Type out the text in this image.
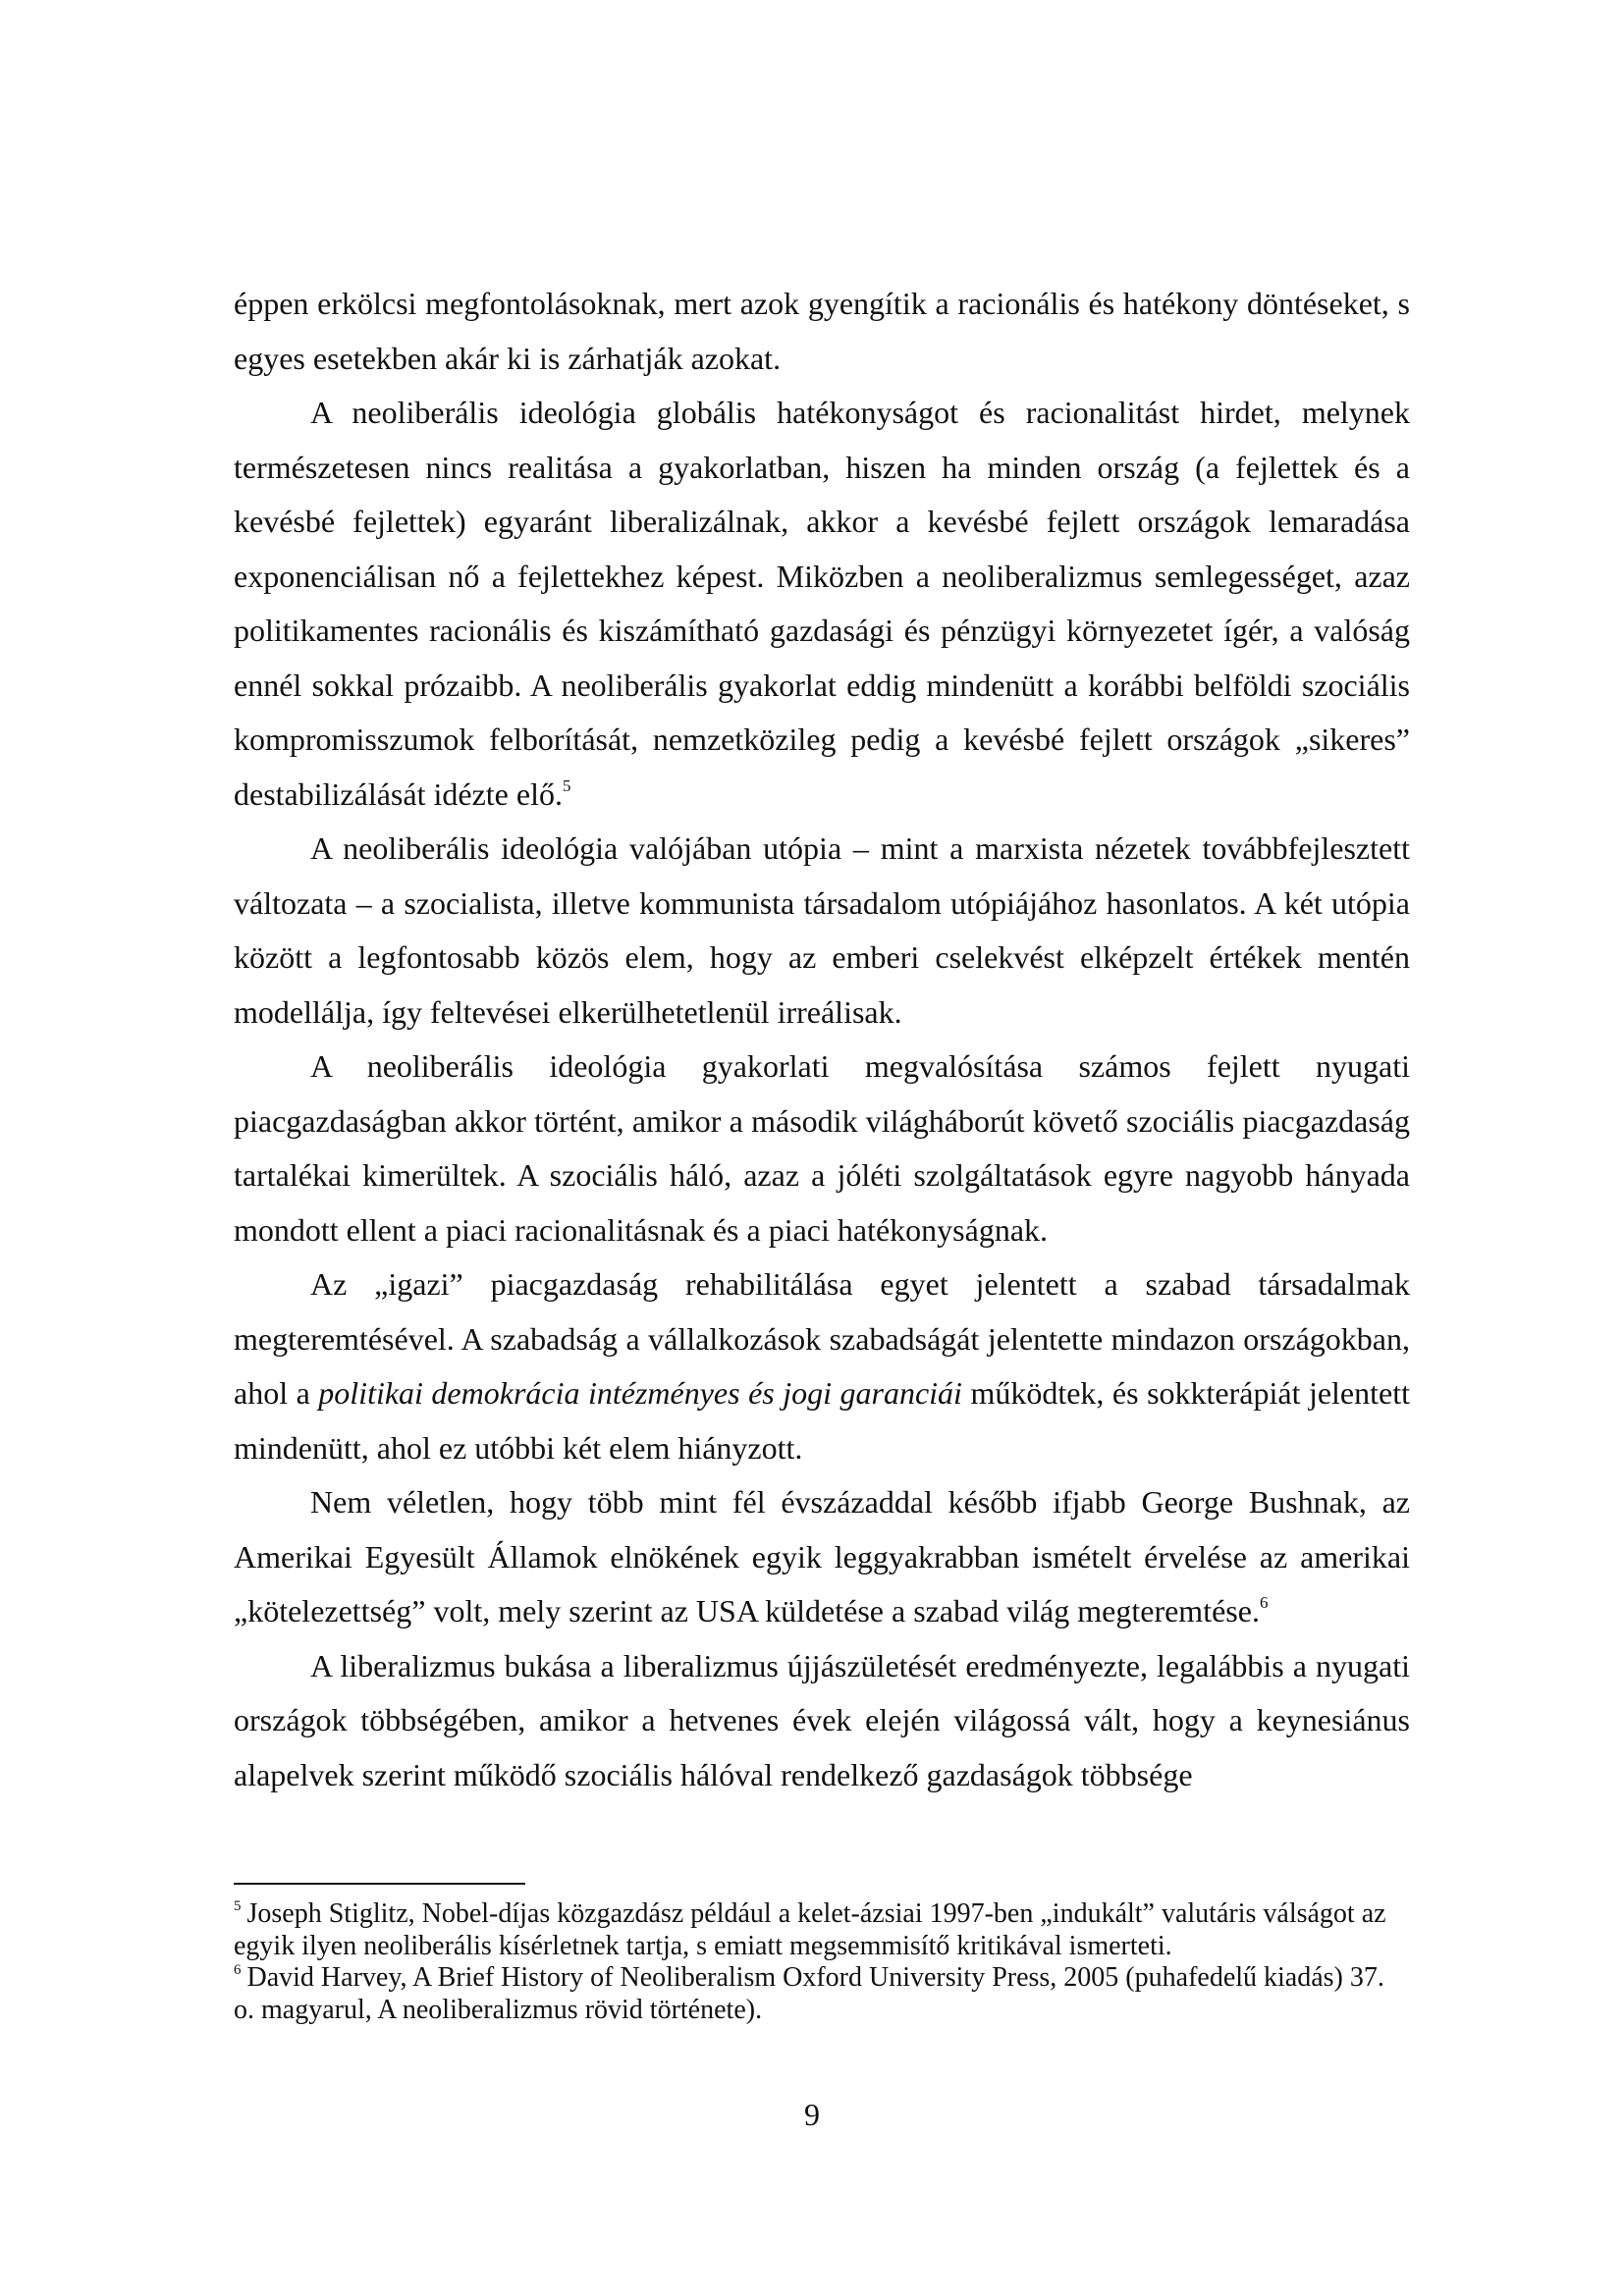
éppen erkölcsi megfontolásoknak, mert azok gyengítik a racionális és hatékony döntéseket, s egyes esetekben akár ki is zárhatják azokat.

A neoliberális ideológia globális hatékonyságot és racionalitást hirdet, melynek természetesen nincs realitása a gyakorlatban, hiszen ha minden ország (a fejlettek és a kevésbé fejlettek) egyaránt liberalizálnak, akkor a kevésbé fejlett országok lemaradása exponenciálisan nő a fejlettekhez képest. Miközben a neoliberalizmus semlegességet, azaz politikamentes racionális és kiszámítható gazdasági és pénzügyi környezetet ígér, a valóság ennél sokkal prózaibb. A neoliberális gyakorlat eddig mindenütt a korábbi belföldi szociális kompromisszumok felborítását, nemzetközileg pedig a kevésbé fejlett országok „sikeres” destabilizálását idézte elő.$^5$

A neoliberális ideológia valójában utópia – mint a marxista nézetek továbbfejlesztett változata – a szocialista, illetve kommunista társadalom utópiájához hasonlatos. A két utópia között a legfontosabb közös elem, hogy az emberi cselekvést elképzelt értékek mentén modellálja, így feltevései elkerülhetetlenül irreálisak.

A neoliberális ideológia gyakorlati megvalósítása számos fejlett nyugati piacgazdaságban akkor történt, amikor a második világháborút követő szociális piacgazdaság tartalékai kimerültek. A szociális háló, azaz a jóléti szolgáltatások egyre nagyobb hányada mondott ellent a piaci racionalitásnak és a piaci hatékonyságnak.

Az „igazi” piacgazdaság rehabilitálása egyet jelentett a szabad társadalmak megteremtésével. A szabadság a vállalkozások szabadságát jelentette mindazon országokban, ahol a politikai demokrácia intézményes és jogi garanciái működtek, és sokkterápiát jelentett mindenütt, ahol ez utóbbi két elem hiányzott.

Nem véletlen, hogy több mint fél évszázaddal később ifjabb George Bushnak, az Amerikai Egyesült Államok elnökének egyik leggyakrabban ismételt érvelése az amerikai „kötelezettség” volt, mely szerint az USA küldetése a szabad világ megteremtése.$^6$

A liberalizmus bukása a liberalizmus újjászületését eredményezte, legalábbis a nyugati országok többségében, amikor a hetvenes évek elején világossá vált, hogy a keynesiánus alapelvek szerint működő szociális hálóval rendelkező gazdaságok többsége

$^5$ Joseph Stiglitz, Nobel-díjas közgazdász például a kelet-ázsiai 1997-ben „indukált” valutáris válságot az egyik ilyen neoliberális kísérletnek tartja, s emiatt megsemmisítő kritikával ismerteti.

$^6$ David Harvey, A Brief History of Neoliberalism Oxford University Press, 2005 (puhafedelű kiadás) 37. o. magyarul, A neoliberalizmus rövid története).

9
